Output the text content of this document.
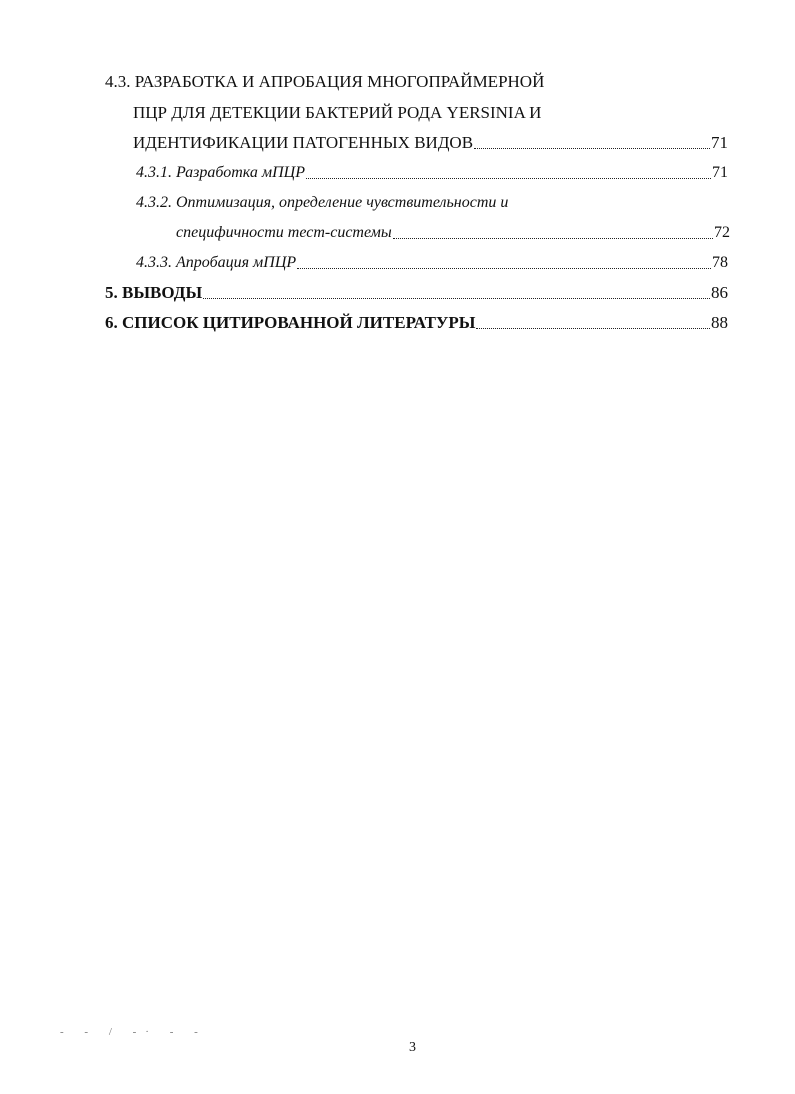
4.3. РАЗРАБОТКА И АПРОБАЦИЯ МНОГОПРАЙМЕРНОЙ
ПЦР ДЛЯ ДЕТЕКЦИИ БАКТЕРИЙ РОДА YERSINIA И
ИДЕНТИФИКАЦИИ ПАТОГЕННЫХ ВИДОВ	71
4.3.1. Разработка мПЦР	71
4.3.2. Оптимизация, определение чувствительности и
специфичности тест-системы	72
4.3.3. Апробация мПЦР	78
5. ВЫВОДЫ	86
6. СПИСОК ЦИТИРОВАННОЙ ЛИТЕРАТУРЫ	88
- - / -· - -
3
